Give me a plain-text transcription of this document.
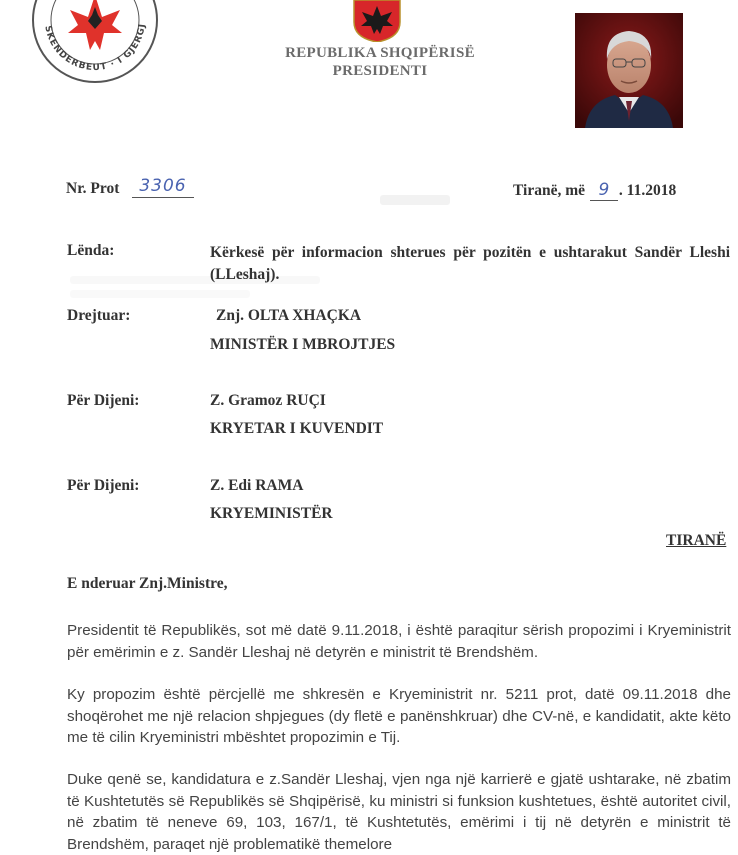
SKENDERBEUT · I GJERGJ
REPUBLIKA SHQIPËRISË
PRESIDENTI
Nr. Prot	3306	Tiranë, më 9 . 11.2018
Lënda:	Kërkesë për informacion shterues për pozitën e ushtarakut Sandër Lleshi (LLeshaj).
Drejtuar:	Znj. OLTA XHAÇKA
MINISTËR I MBROJTJES
Për Dijeni:	Z. Gramoz RUÇI
KRYETAR I KUVENDIT
Për Dijeni:	Z. Edi RAMA
KRYEMINISTËR
TIRANË
E nderuar Znj.Ministre,
Presidentit të Republikës, sot më datë 9.11.2018, i është paraqitur sërish propozimi i Kryeministrit për emërimin e z. Sandër Lleshaj në detyrën e ministrit të Brendshëm.
Ky propozim është përcjellë me shkresën e Kryeministrit nr. 5211 prot, datë 09.11.2018 dhe shoqërohet me një relacion shpjegues (dy fletë e panënshkruar) dhe CV-në, e kandidatit, akte këto me të cilin Kryeministri mbështet propozimin e Tij.
Duke qenë se, kandidatura e z.Sandër Lleshaj, vjen nga një karrierë e gjatë ushtarake, në zbatim të Kushtetutës së Republikës së Shqipërisë, ku ministri si funksion kushtetues, është autoritet civil, në zbatim të neneve 69, 103, 167/1, të Kushtetutës, emërimi i tij në detyrën e ministrit të Brendshëm, paraqet një problematikë themelore
